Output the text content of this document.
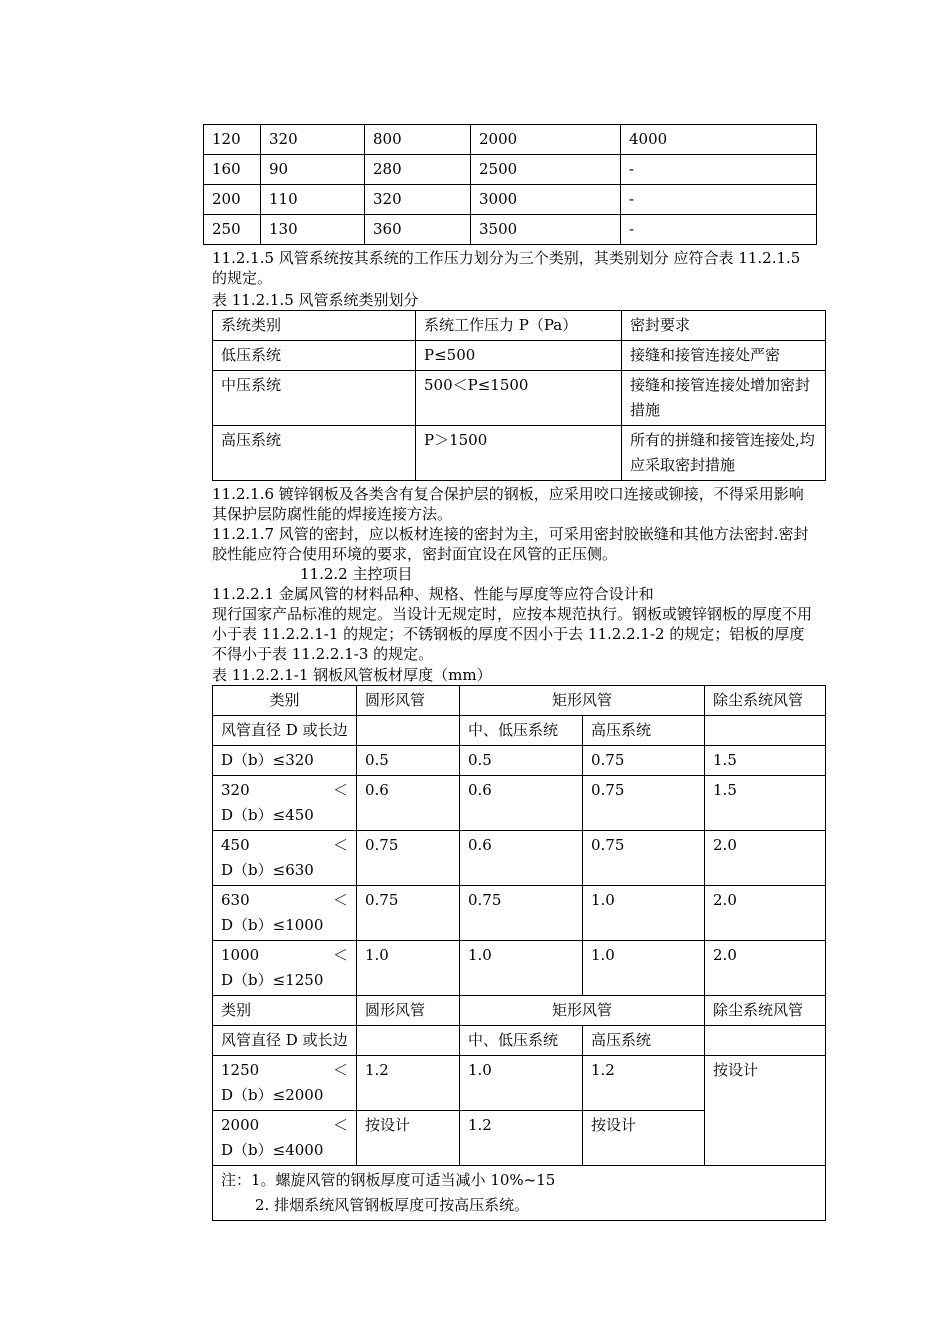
120	320	800	2000	4000
160	90	280	2500	-
200	110	320	3000	-
250	130	360	3500	-

11.2.1.5 风管系统按其系统的工作压力划分为三个类别，其类别划分 应符合表 11.2.1.5 的规定。

表 11.2.1.5 风管系统类别划分

系统类别	系统工作压力 P（Pa）	密封要求
低压系统	P≤500	接缝和接管连接处严密
中压系统	500＜P≤1500	接缝和接管连接处增加密封措施
高压系统	P＞1500	所有的拼缝和接管连接处,均应采取密封措施

11.2.1.6 镀锌钢板及各类含有复合保护层的钢板，应采用咬口连接或铆接，不得采用影响其保护层防腐性能的焊接连接方法。

11.2.1.7 风管的密封，应以板材连接的密封为主，可采用密封胶嵌缝和其他方法密封.密封胶性能应符合使用环境的要求，密封面宜设在风管的正压侧。

11.2.2 主控项目

11.2.2.1 金属风管的材料品种、规格、性能与厚度等应符合设计和

现行国家产品标准的规定。当设计无规定时，应按本规范执行。钢板或镀锌钢板的厚度不用小于表 11.2.2.1-1 的规定；不锈钢板的厚度不因小于去 11.2.2.1-2 的规定；铝板的厚度不得小于表 11.2.2.1-3 的规定。

表 11.2.2.1-1 钢板风管板材厚度（mm）

类别	圆形风管	矩形风管		除尘系统风管
风管直径 D 或长边		中、低压系统	高压系统	
D（b）≤320	0.5	0.5	0.75	1.5

320 ＜
D（b）≤450	0.6	0.6	0.75	1.5

450 ＜
D（b）≤630	0.75	0.6	0.75	2.0

630 ＜
D（b）≤1000	0.75	0.75	1.0	2.0

1000 ＜
D（b）≤1250	1.0	1.0	1.0	2.0
类别	圆形风管	矩形风管		除尘系统风管
风管直径 D 或长边		中、低压系统	高压系统	

1250 ＜
D（b）≤2000	1.2	1.0	1.2	按设计

2000 ＜
D（b）≤4000	按设计	1.2	按设计	

注：1。螺旋风管的钢板厚度可适当减小 10%~15
2. 排烟系统风管钢板厚度可按高压系统。				
